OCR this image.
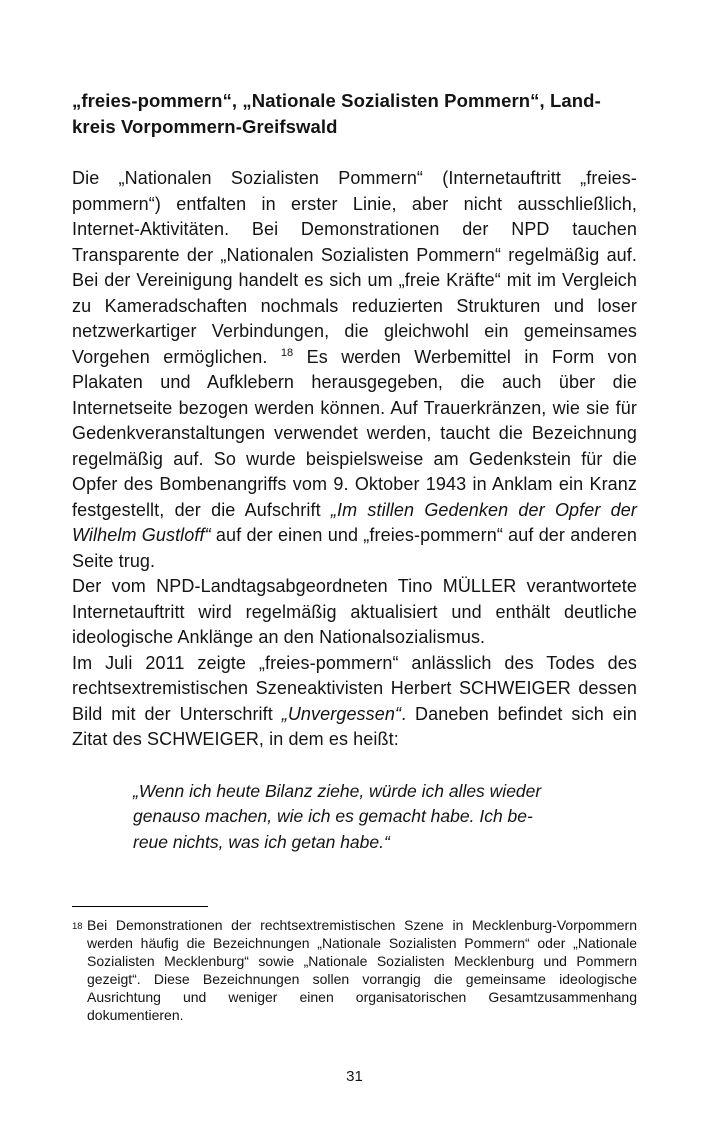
„freies-pommern“, „Nationale Sozialisten Pommern“, Land-
kreis Vorpommern-Greifswald

Die „Nationalen Sozialisten Pommern“ (Internetauftritt „freies-pommern“) entfalten in erster Linie, aber nicht ausschließlich, Internet-Aktivitäten. Bei Demonstrationen der NPD tauchen Transparente der „Nationalen Sozialisten Pommern“ regelmäßig auf. Bei der Vereinigung handelt es sich um „freie Kräfte“ mit im Vergleich zu Kameradschaften nochmals reduzierten Strukturen und loser netzwerkartiger Verbindungen, die gleichwohl ein gemeinsames Vorgehen ermöglichen. $^{18}$ Es werden Werbemittel in Form von Plakaten und Aufklebern herausgegeben, die auch über die Internetseite bezogen werden können. Auf Trauerkränzen, wie sie für Gedenkveranstaltungen verwendet werden, taucht die Bezeichnung regelmäßig auf. So wurde beispielsweise am Gedenkstein für die Opfer des Bombenangriffs vom 9. Oktober 1943 in Anklam ein Kranz festgestellt, der die Aufschrift „Im stillen Gedenken der Opfer der Wilhelm Gustloff“ auf der einen und „freies-pommern“ auf der anderen Seite trug.

Der vom NPD-Landtagsabgeordneten Tino MÜLLER verantwortete Internetauftritt wird regelmäßig aktualisiert und enthält deutliche ideologische Anklänge an den Nationalsozialismus.

Im Juli 2011 zeigte „freies-pommern“ anlässlich des Todes des rechtsextremistischen Szeneaktivisten Herbert SCHWEIGER dessen Bild mit der Unterschrift „Unvergessen“. Daneben befindet sich ein Zitat des SCHWEIGER, in dem es heißt:

„Wenn ich heute Bilanz ziehe, würde ich alles wieder
genauso machen, wie ich es gemacht habe. Ich be-
reue nichts, was ich getan habe.“
18 Bei Demonstrationen der rechtsextremistischen Szene in Mecklenburg-Vorpommern werden häufig die Bezeichnungen „Nationale Sozialisten Pommern“ oder „Nationale Sozialisten Mecklenburg“ sowie „Nationale Sozialisten Mecklenburg und Pommern gezeigt“. Diese Bezeichnungen sollen vorrangig die gemeinsame ideologische Ausrichtung und weniger einen organisatorischen Gesamtzusammenhang dokumentieren.

31
